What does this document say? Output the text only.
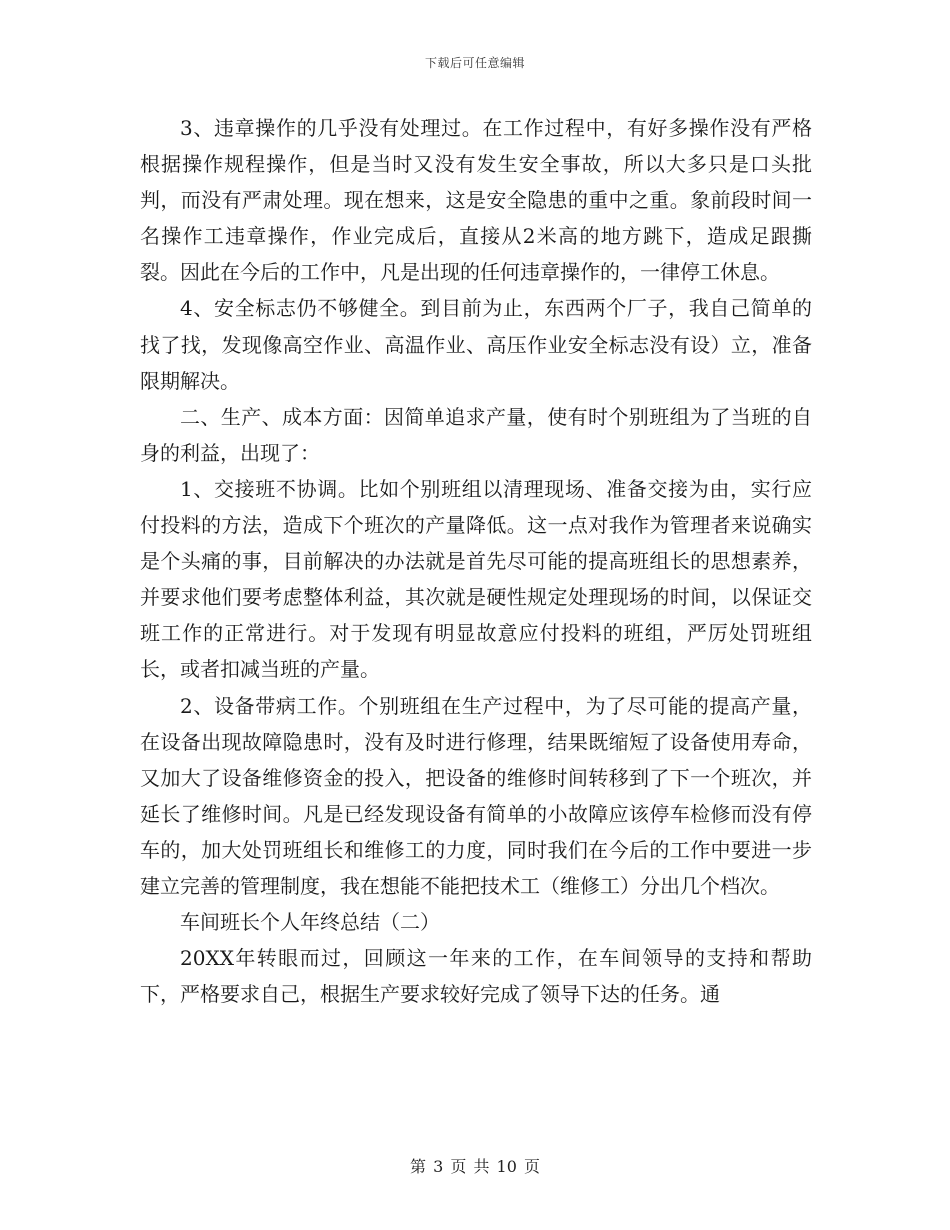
下载后可任意编辑

3、违章操作的几乎没有处理过。在工作过程中，有好多操作没有严格根据操作规程操作，但是当时又没有发生安全事故，所以大多只是口头批判，而没有严肃处理。现在想来，这是安全隐患的重中之重。象前段时间一名操作工违章操作，作业完成后，直接从2米高的地方跳下，造成足跟撕裂。因此在今后的工作中，凡是出现的任何违章操作的，一律停工休息。

4、安全标志仍不够健全。到目前为止，东西两个厂子，我自己简单的找了找，发现像高空作业、高温作业、高压作业安全标志没有设）立，准备限期解决。

二、生产、成本方面：因简单追求产量，使有时个别班组为了当班的自身的利益，出现了：

1、交接班不协调。比如个别班组以清理现场、准备交接为由，实行应付投料的方法，造成下个班次的产量降低。这一点对我作为管理者来说确实是个头痛的事，目前解决的办法就是首先尽可能的提高班组长的思想素养，并要求他们要考虑整体利益，其次就是硬性规定处理现场的时间，以保证交班工作的正常进行。对于发现有明显故意应付投料的班组，严厉处罚班组长，或者扣减当班的产量。

2、设备带病工作。个别班组在生产过程中，为了尽可能的提高产量，在设备出现故障隐患时，没有及时进行修理，结果既缩短了设备使用寿命，又加大了设备维修资金的投入，把设备的维修时间转移到了下一个班次，并延长了维修时间。凡是已经发现设备有简单的小故障应该停车检修而没有停车的，加大处罚班组长和维修工的力度，同时我们在今后的工作中要进一步建立完善的管理制度，我在想能不能把技术工（维修工）分出几个档次。

车间班长个人年终总结（二）

20XX年转眼而过，回顾这一年来的工作，在车间领导的支持和帮助下，严格要求自己，根据生产要求较好完成了领导下达的任务。通

第 3 页 共 10 页
